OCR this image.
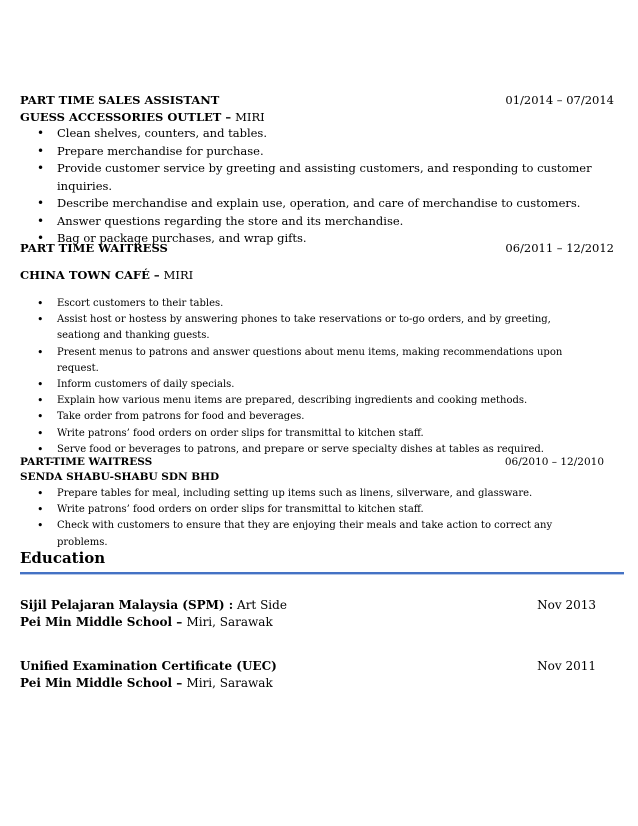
PART TIME SALES ASSISTANT	01/2014 – 07/2014
GUESS ACCESSORIES OUTLET – MIRI
• Clean shelves, counters, and tables.
• Prepare merchandise for purchase.
• Provide customer service by greeting and assisting customers, and responding to customer inquiries.
• Describe merchandise and explain use, operation, and care of merchandise to customers.
• Answer questions regarding the store and its merchandise.
• Bag or package purchases, and wrap gifts.
PART TIME WAITRESS	06/2011 – 12/2012
CHINA TOWN CAFÉ – MIRI
• Escort customers to their tables.
• Assist host or hostess by answering phones to take reservations or to-go orders, and by greeting, seationg and thanking guests.
• Present menus to patrons and answer questions about menu items, making recommendations upon request.
• Inform customers of daily specials.
• Explain how various menu items are prepared, describing ingredients and cooking methods.
• Take order from patrons for food and beverages.
• Write patrons’ food orders on order slips for transmittal to kitchen staff.
• Serve food or beverages to patrons, and prepare or serve specialty dishes at tables as required.
PART-TIME WAITRESS	06/2010 – 12/2010
SENDA SHABU-SHABU SDN BHD
• Prepare tables for meal, including setting up items such as linens, silverware, and glassware.
• Write patrons’ food orders on order slips for transmittal to kitchen staff.
• Check with customers to ensure that they are enjoying their meals and take action to correct any problems.
Education
Sijil Pelajaran Malaysia (SPM) : Art Side	Nov 2013
Pei Min Middle School – Miri, Sarawak
Unified Examination Certificate (UEC)	Nov 2011
Pei Min Middle School – Miri, Sarawak
